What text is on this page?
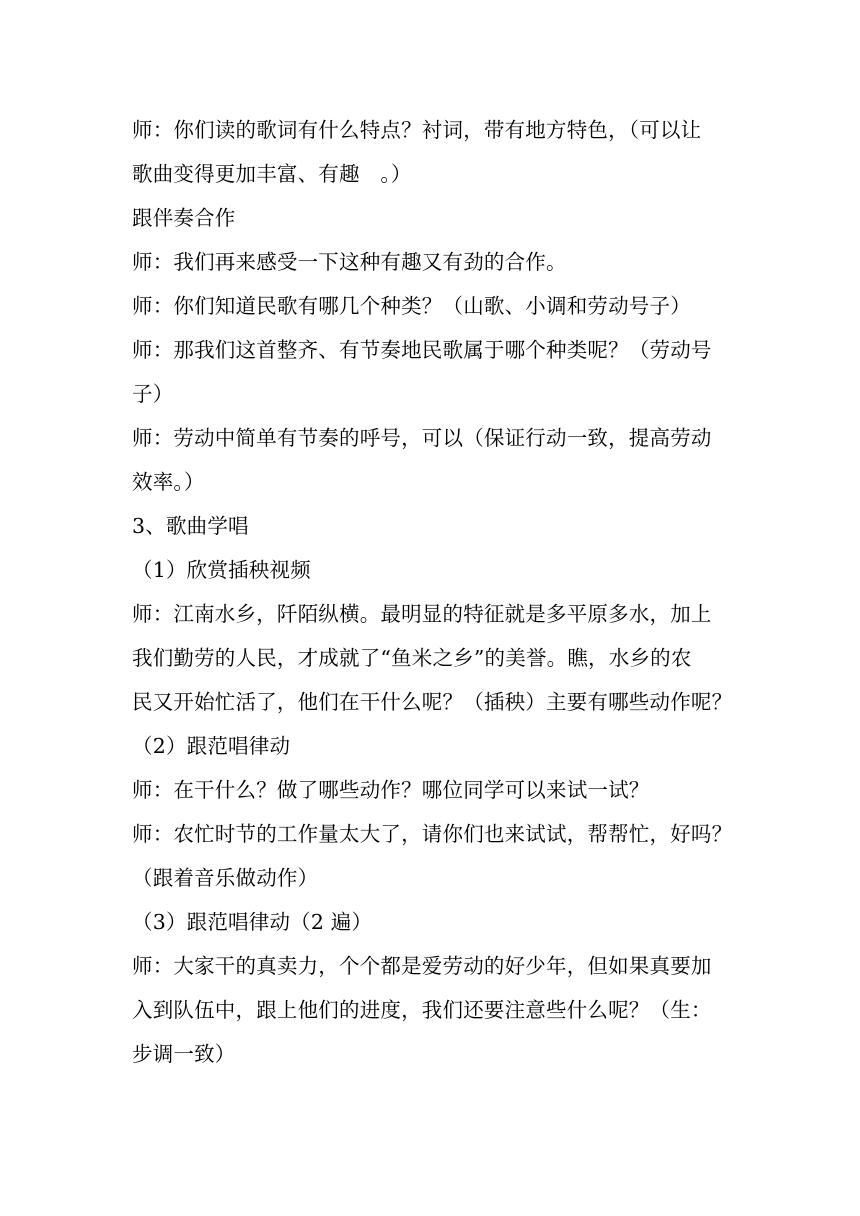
师：你们读的歌词有什么特点？衬词，带有地方特色，（可以让
歌曲变得更加丰富、有趣　。）
跟伴奏合作
师：我们再来感受一下这种有趣又有劲的合作。
师：你们知道民歌有哪几个种类？（山歌、小调和劳动号子）
师：那我们这首整齐、有节奏地民歌属于哪个种类呢？（劳动号
子）
师：劳动中简单有节奏的呼号，可以（保证行动一致，提高劳动
效率。）
3、歌曲学唱
（1）欣赏插秧视频
师：江南水乡，阡陌纵横。最明显的特征就是多平原多水，加上
我们勤劳的人民，才成就了“鱼米之乡”的美誉。瞧，水乡的农
民又开始忙活了，他们在干什么呢？（插秧）主要有哪些动作呢？
（2）跟范唱律动
师：在干什么？做了哪些动作？哪位同学可以来试一试？
师：农忙时节的工作量太大了，请你们也来试试，帮帮忙，好吗？
（跟着音乐做动作）
（3）跟范唱律动（2 遍）
师：大家干的真卖力，个个都是爱劳动的好少年，但如果真要加
入到队伍中，跟上他们的进度，我们还要注意些什么呢？（生：
步调一致）
